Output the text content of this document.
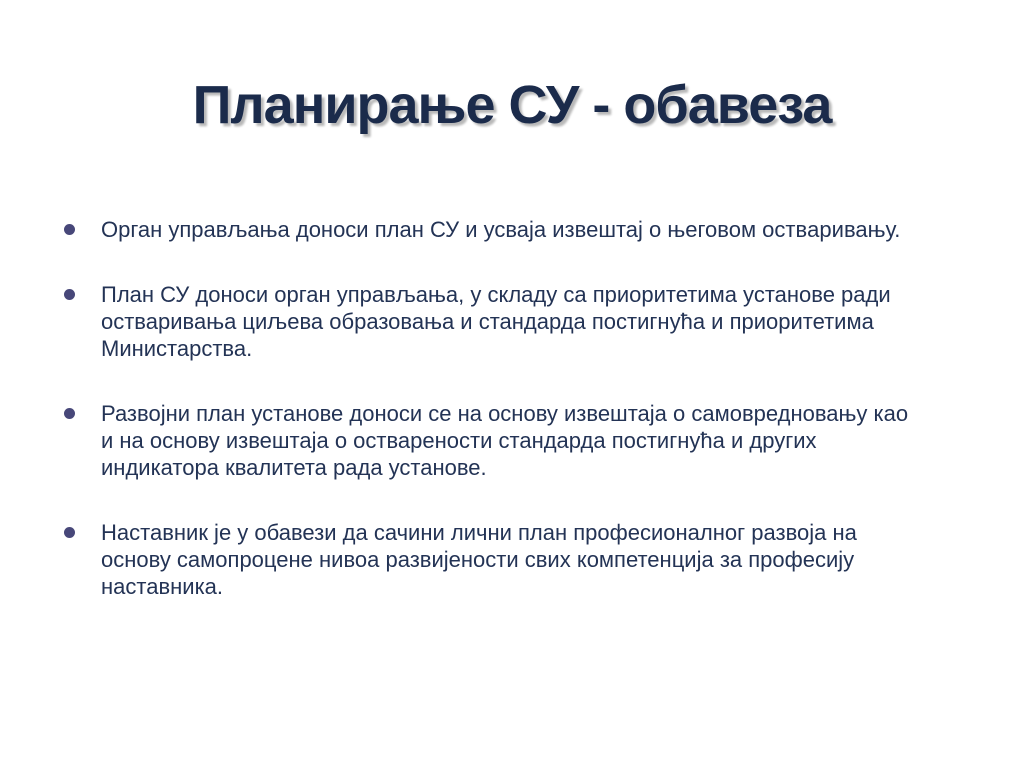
Планирање СУ - обавеза
Орган управљања доноси план СУ и усваја извештај о његовом оствaривању.
План СУ доноси орган управљања, у складу са приоритетима установе ради остваривања циљева образовања и стандарда постигнућа и приоритетима Министарства.
Развојни план установе доноси се на основу извештаја о самовредновању као и на основу извештаја о остварености стандарда постигнућа и других индикатора квалитета рада установе.
Наставник је у обавези да сачини лични план професионалног развоја на основу самопроцене нивоа развијености свих компетенција за професију наставника.
